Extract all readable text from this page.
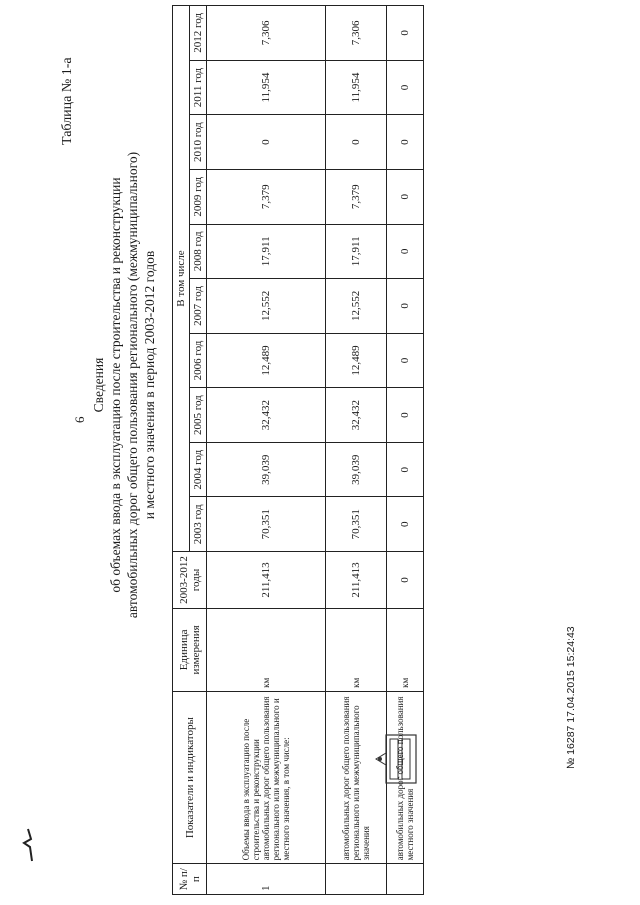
6
Таблица № 1-а
Сведения об объемах ввода в эксплуатацию после строительства и реконструкции автомобильных дорог общего пользования регионального (межмуниципального) и местного значения в период 2003-2012 годов
№ п/п	Показатели и индикаторы	Единица измерения	2003-2012 годы	В том числе									
				2003 год	2004 год	2005 год	2006 год	2007 год	2008 год	2009 год	2010 год	2011 год	2012 год
1	Объемы ввода в эксплуатацию после строительства и реконструкции автомобильных дорог общего пользования регионального или межмуниципального и местного значения, в том числе:	км	211,413	70,351	39,039	32,432	12,489	12,552	17,911	7,379	0	11,954	7,306
	автомобильных дорог общего пользования регионального или межмуниципального значения	км	211,413	70,351	39,039	32,432	12,489	12,552	17,911	7,379	0	11,954	7,306
	автомобильных дорог общего пользования местного значения	км	0	0	0	0	0	0	0	0	0	0	0
№ 16287 17.04.2015 15:24:43
